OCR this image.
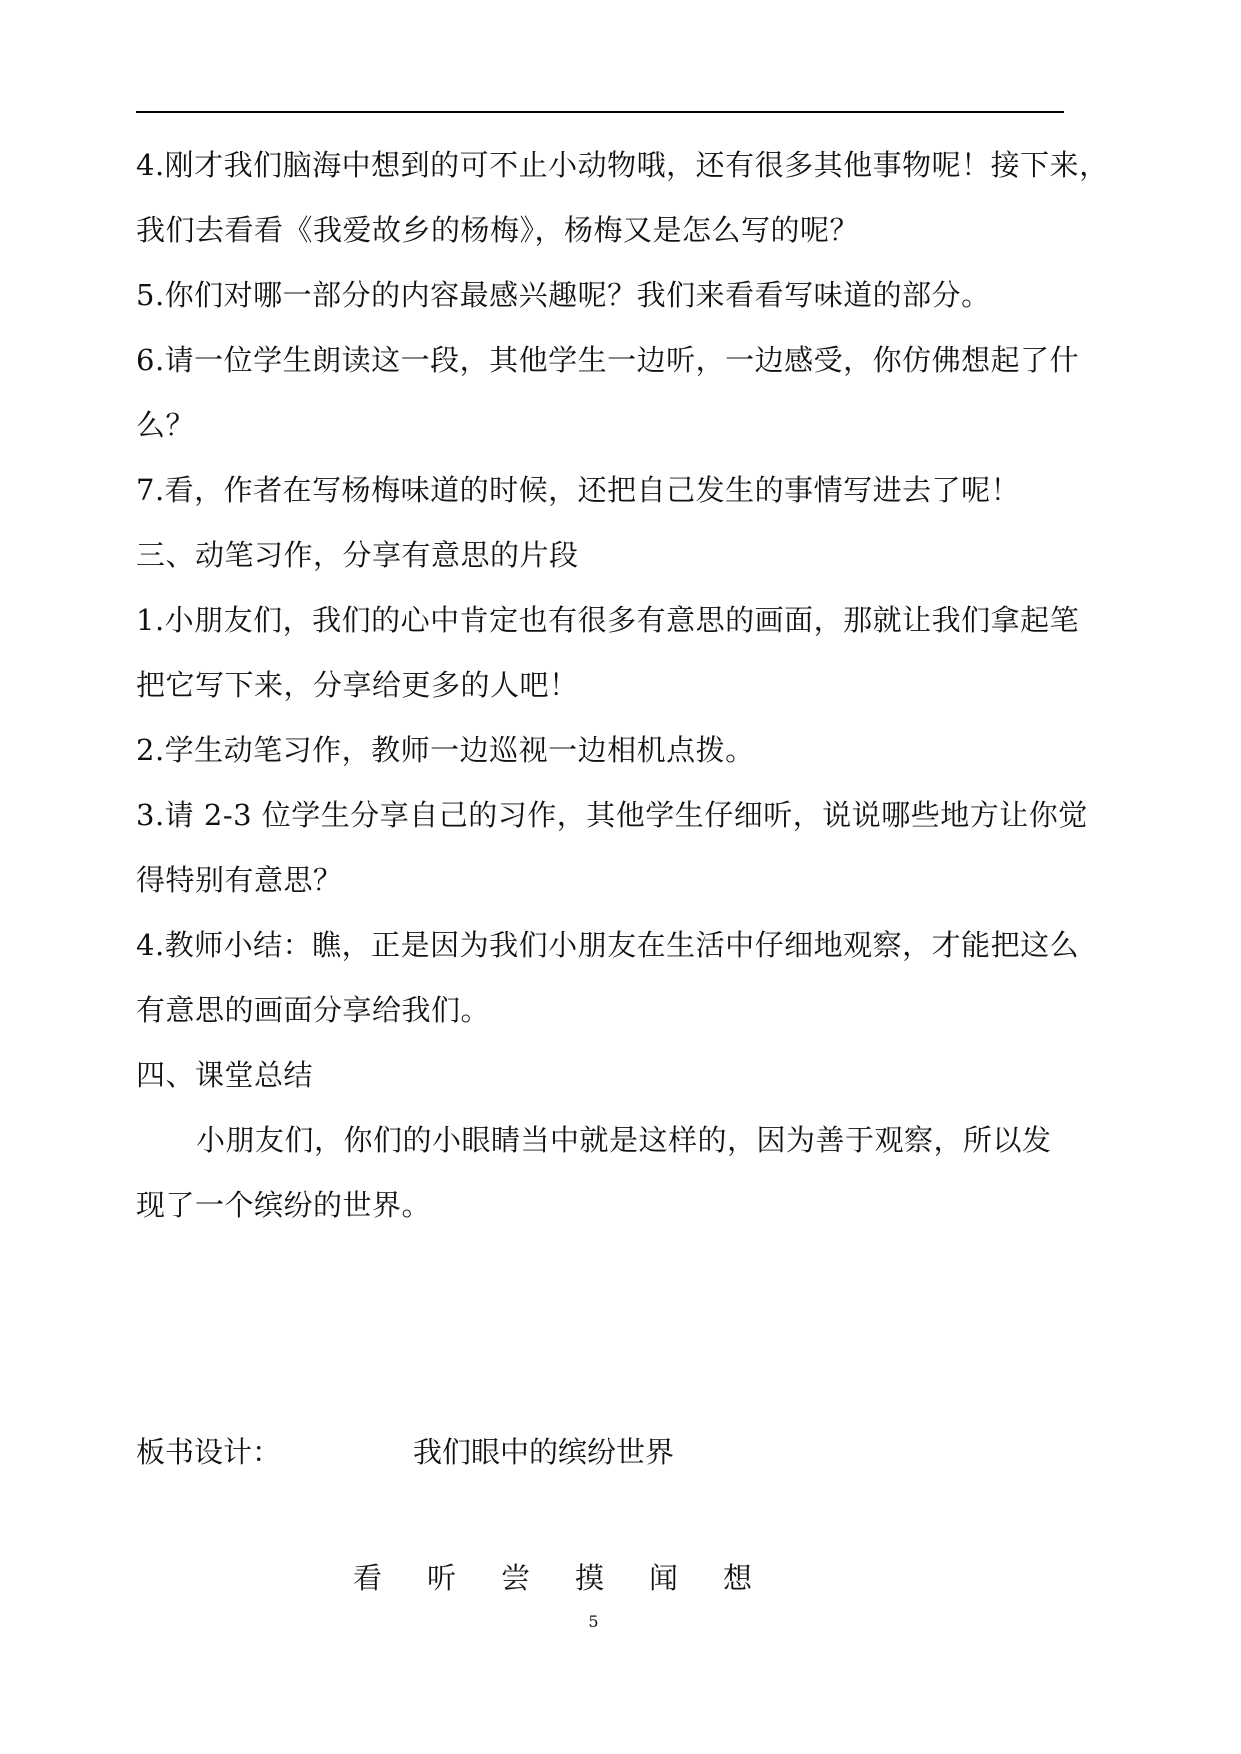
4.刚才我们脑海中想到的可不止小动物哦，还有很多其他事物呢！接下来，

我们去看看《我爱故乡的杨梅》，杨梅又是怎么写的呢？

5.你们对哪一部分的内容最感兴趣呢？我们来看看写味道的部分。

6.请一位学生朗读这一段，其他学生一边听，一边感受，你仿佛想起了什

么？

7.看，作者在写杨梅味道的时候，还把自己发生的事情写进去了呢！

三、动笔习作，分享有意思的片段

1.小朋友们，我们的心中肯定也有很多有意思的画面，那就让我们拿起笔

把它写下来，分享给更多的人吧！

2.学生动笔习作，教师一边巡视一边相机点拨。

3.请 2-3 位学生分享自己的习作，其他学生仔细听，说说哪些地方让你觉

得特别有意思？

4.教师小结：瞧，正是因为我们小朋友在生活中仔细地观察，才能把这么

有意思的画面分享给我们。

四、课堂总结

小朋友们，你们的小眼睛当中就是这样的，因为善于观察，所以发

现了一个缤纷的世界。

板书设计：	我们眼中的缤纷世界
看	听	尝	摸	闻	想
5
